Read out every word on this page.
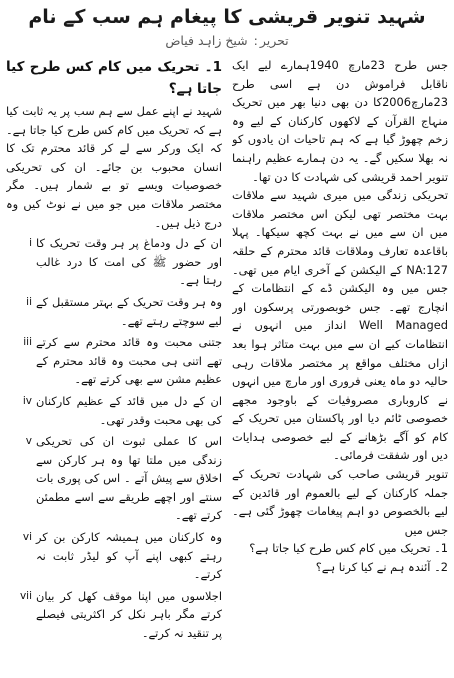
شہید تنویر قریشی کا پیغام ہم سب کے نام
تحریر: شیخ زاہد فیاض

جس طرح 23مارچ 1940ہمارے لیے ایک ناقابل فراموش دن ہے اسی طرح 23مارچ2006کا دن بھی دنیا بھر میں تحریک منہاج القرآن کے لاکھوں کارکنان کے لیے وہ زخم چھوڑ گیا ہے کہ ہم تاحیات ان یادوں کو نہ بھلا سکیں گے۔ یہ دن ہمارے عظیم راہنما تنویر احمد قریشی کی شہادت کا دن تھا۔

تحریکی زندگی میں میری شہید سے ملاقات بہت مختصر تھی لیکن اس مختصر ملاقات میں ان سے میں نے بہت کچھ سیکھا۔ پہلا باقاعدہ تعارف وملاقات قائد محترم کے حلقہ NA:127 کے الیکشن کے آخری ایام میں تھی۔ جس میں وہ الیکشن ڈے کے انتظامات کے انچارج تھے۔ جس خوبصورتی پرسکون اور Well Managed انداز میں انہوں نے انتظامات کیے ان سے میں بہت متاثر ہوا بعد ازاں مختلف مواقع پر مختصر ملاقات رہی حالیہ دو ماہ یعنی فروری اور مارچ میں انہوں نے کاروباری مصروفیات کے باوجود مجھے خصوصی ٹائم دیا اور پاکستان میں تحریک کے کام کو آگے بڑھانے کے لیے خصوصی ہدایات دیں اور شفقت فرمائی۔

تنویر قریشی صاحب کی شہادت تحریک کے جملہ کارکنان کے لیے بالعموم اور قائدین کے لیے بالخصوص دو اہم پیغامات چھوڑ گئی ہے۔ جس میں

1۔ تحریک میں کام کس طرح کیا جاتا ہے؟

2۔ آئندہ ہم نے کیا کرنا ہے؟

1۔ تحریک میں کام کس طرح کیا جاتا ہے؟

شہید نے اپنے عمل سے ہم سب پر یہ ثابت کیا ہے کہ تحریک میں کام کس طرح کیا جاتا ہے۔ کہ ایک ورکر سے لے کر قائد محترم تک کا انسان محبوب بن جائے۔ ان کی تحریکی خصوصیات ویسے تو بے شمار ہیں۔ مگر مختصر ملاقات میں جو میں نے نوٹ کیں وہ درج ذیل ہیں۔

ان کے دل ودماغ پر ہر وقت تحریک کا اور حضور ﷺ کی امت کا درد غالب رہتا ہے۔
i
وہ ہر وقت تحریک کے بہتر مستقبل کے لیے سوچتے رہتے تھے۔
ii
جتنی محبت وہ قائد محترم سے کرتے تھے اتنی ہی محبت وہ قائد محترم کے عظیم مشن سے بھی کرتے تھے۔
iii
ان کے دل میں قائد کے عظیم کارکنان کی بھی محبت وقدر تھی۔
iv
اس کا عملی ثبوت ان کی تحریکی زندگی میں ملتا تھا وہ ہر کارکن سے اخلاق سے پیش آتے ۔ اس کی پوری بات سنتے اور اچھے طریقے سے اسے مطمئن کرتے تھے۔
v
وہ کارکنان میں ہمیشہ کارکن بن کر رہتے کبھی اپنے آپ کو لیڈر ثابت نہ کرتے۔
vi
اجلاسوں میں اپنا موقف کھل کر بیان کرتے مگر باہر نکل کر اکثریتی فیصلے پر تنقید نہ کرتے۔
vii
